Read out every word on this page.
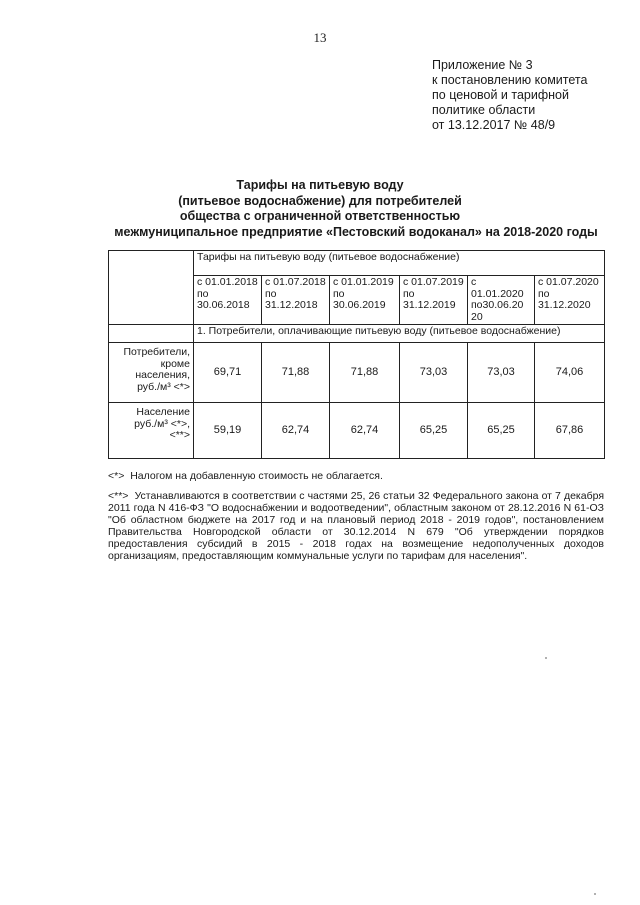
13
Приложение № 3
к постановлению комитета
по ценовой и тарифной
политике области
от 13.12.2017 № 48/9
Тарифы на питьевую воду
(питьевое водоснабжение) для потребителей
общества с ограниченной ответственностью
межмуниципальное предприятие «Пестовский водоканал» на 2018-2020 годы
	Тарифы на питьевую воду (питьевое водоснабжение)					
	с 01.01.2018 по 30.06.2018	с 01.07.2018 по 31.12.2018	с 01.01.2019 по 30.06.2019	с 01.07.2019 по 31.12.2019	с 01.01.2020 по30.06.20 20	с 01.07.2020 по 31.12.2020
	1. Потребители, оплачивающие питьевую воду (питьевое водоснабжение)					
Потребители, кроме населения, руб./м³ <*>	69,71	71,88	71,88	73,03	73,03	74,06
Население руб./м³ <*>, <**>	59,19	62,74	62,74	65,25	65,25	67,86
<*> Налогом на добавленную стоимость не облагается.
<**> Устанавливаются в соответствии с частями 25, 26 статьи 32 Федерального закона от 7 декабря 2011 года N 416-ФЗ "О водоснабжении и водоотведении", областным законом от 28.12.2016 N 61-ОЗ "Об областном бюджете на 2017 год и на плановый период 2018 - 2019 годов", постановлением Правительства Новгородской области от 30.12.2014 N 679 "Об утверждении порядков предоставления субсидий в 2015 - 2018 годах на возмещение недополученных доходов организациям, предоставляющим коммунальные услуги по тарифам для населения".
